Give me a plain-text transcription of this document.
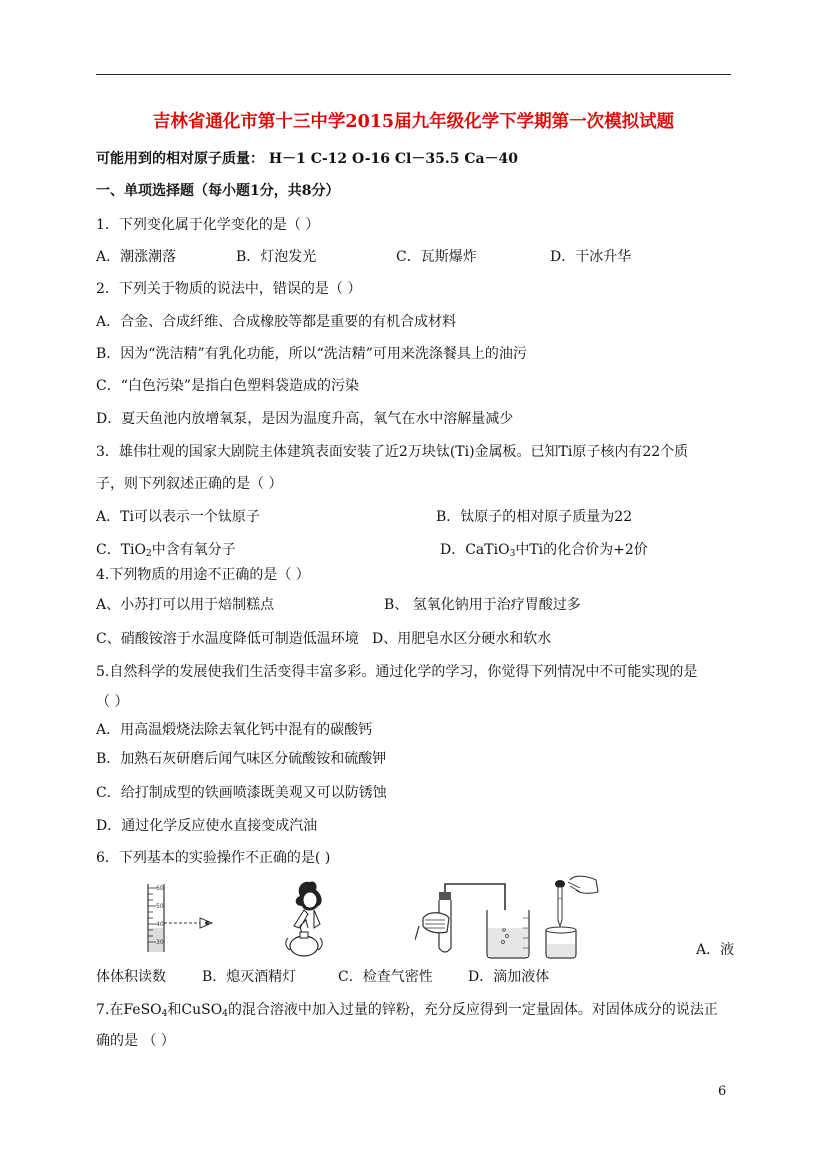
吉林省通化市第十三中学2015届九年级化学下学期第一次模拟试题
可能用到的相对原子质量： H－1 C-12 O-16 Cl－35.5 Ca－40
一、单项选择题（每小题1分，共8分）
1．下列变化属于化学变化的是（ ）
A．潮涨潮落	B．灯泡发光	C．瓦斯爆炸	D．干冰升华
2．下列关于物质的说法中，错误的是（ ）
A．合金、合成纤维、合成橡胶等都是重要的有机合成材料
B．因为“洗洁精”有乳化功能，所以“洗洁精”可用来洗涤餐具上的油污
C．“白色污染”是指白色塑料袋造成的污染
D．夏天鱼池内放增氧泵，是因为温度升高，氧气在水中溶解量减少
3．雄伟壮观的国家大剧院主体建筑表面安装了近2万块钛(Ti)金属板。已知Ti原子核内有22个质
子，则下列叙述正确的是（ ）
A．Ti可以表示一个钛原子	B．钛原子的相对原子质量为22
C．TiO$_2$中含有氧分子	D．CaTiO$_3$中Ti的化合价为+2价
4.下列物质的用途不正确的是（ ）
A、小苏打可以用于焙制糕点	B、 氢氧化钠用于治疗胃酸过多
C、硝酸铵溶于水温度降低可制造低温环境 D、用肥皂水区分硬水和软水
5.自然科学的发展使我们生活变得丰富多彩。通过化学的学习，你觉得下列情况中不可能实现的是
（ ）
A．用高温煅烧法除去氧化钙中混有的碳酸钙
B．加熟石灰研磨后闻气味区分硫酸铵和硫酸钾
C．给打制成型的铁画喷漆既美观又可以防锈蚀
D．通过化学反应使水直接变成汽油
6．下列基本的实验操作不正确的是( )
60
50
40
30	A．液
体体积读数	B．熄灭酒精灯	C．检查气密性	D．滴加液体
7.在FeSO$_4$和CuSO$_4$的混合溶液中加入过量的锌粉，充分反应得到一定量固体。对固体成分的说法正
确的是 （ ）
6
